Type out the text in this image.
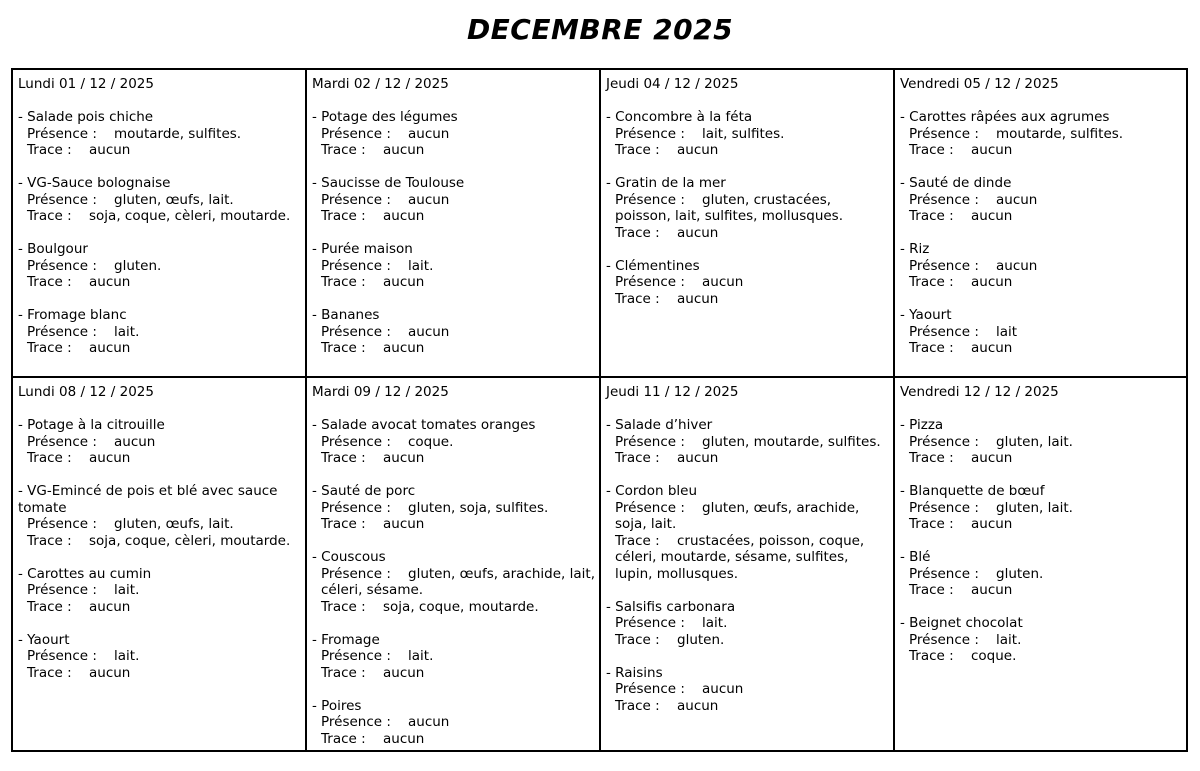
DECEMBRE 2025
Lundi 01 / 12 / 2025
- Salade pois chiche
Présence : moutarde, sulfites.
Trace : aucun
- VG-Sauce bolognaise
Présence : gluten, œufs, lait.
Trace : soja, coque, cèleri, moutarde.
- Boulgour
Présence : gluten.
Trace : aucun
- Fromage blanc
Présence : lait.
Trace : aucun
Mardi 02 / 12 / 2025
- Potage des légumes
Présence : aucun
Trace : aucun
- Saucisse de Toulouse
Présence : aucun
Trace : aucun
- Purée maison
Présence : lait.
Trace : aucun
- Bananes
Présence : aucun
Trace : aucun
Jeudi 04 / 12 / 2025
- Concombre à la féta
Présence : lait, sulfites.
Trace : aucun
- Gratin de la mer
Présence : gluten, crustacées, poisson, lait, sulfites, mollusques.
Trace : aucun
- Clémentines
Présence : aucun
Trace : aucun
Vendredi 05 / 12 / 2025
- Carottes râpées aux agrumes
Présence : moutarde, sulfites.
Trace : aucun
- Sauté de dinde
Présence : aucun
Trace : aucun
- Riz
Présence : aucun
Trace : aucun
- Yaourt
Présence : lait
Trace : aucun
Lundi 08 / 12 / 2025
- Potage à la citrouille
Présence : aucun
Trace : aucun
- VG-Emincé de pois et blé avec sauce tomate
Présence : gluten, œufs, lait.
Trace : soja, coque, cèleri, moutarde.
- Carottes au cumin
Présence : lait.
Trace : aucun
- Yaourt
Présence : lait.
Trace : aucun
Mardi 09 / 12 / 2025
- Salade avocat tomates oranges
Présence : coque.
Trace : aucun
- Sauté de porc
Présence : gluten, soja, sulfites.
Trace : aucun
- Couscous
Présence : gluten, œufs, arachide, lait, céleri, sésame.
Trace : soja, coque, moutarde.
- Fromage
Présence : lait.
Trace : aucun
- Poires
Présence : aucun
Trace : aucun
Jeudi 11 / 12 / 2025
- Salade d’hiver
Présence : gluten, moutarde, sulfites.
Trace : aucun
- Cordon bleu
Présence : gluten, œufs, arachide, soja, lait.
Trace : crustacées, poisson, coque, céleri, moutarde, sésame, sulfites, lupin, mollusques.
- Salsifis carbonara
Présence : lait.
Trace : gluten.
- Raisins
Présence : aucun
Trace : aucun
Vendredi 12 / 12 / 2025
- Pizza
Présence : gluten, lait.
Trace : aucun
- Blanquette de bœuf
Présence : gluten, lait.
Trace : aucun
- Blé
Présence : gluten.
Trace : aucun
- Beignet chocolat
Présence : lait.
Trace : coque.
